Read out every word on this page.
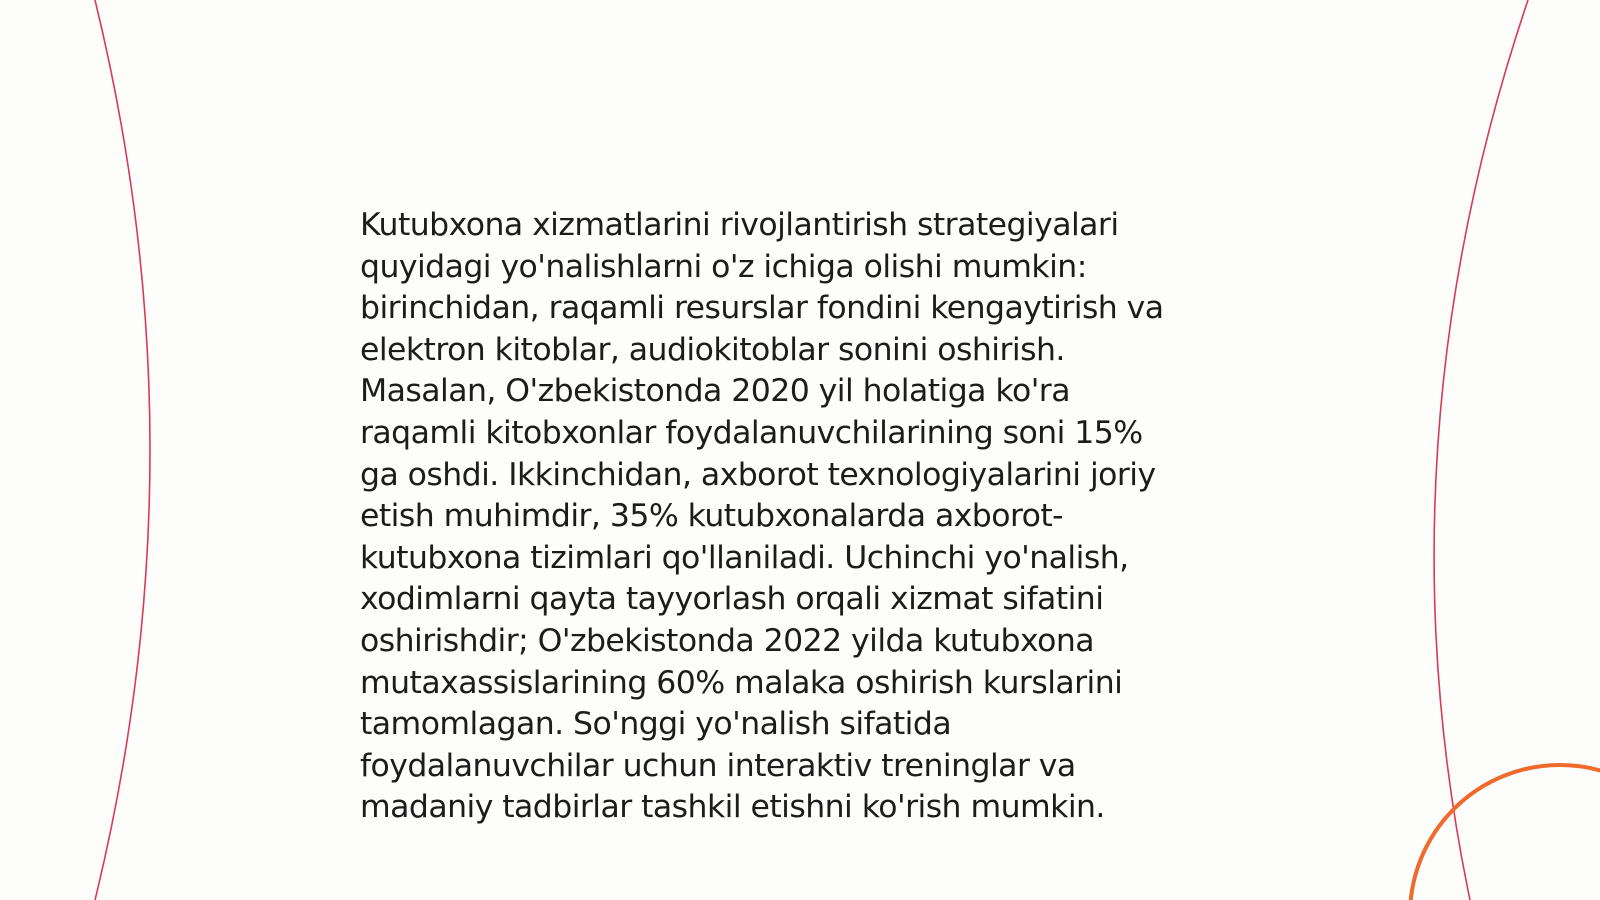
Kutubxona xizmatlarini rivojlantirish strategiyalari
quyidagi yo'nalishlarni o'z ichiga olishi mumkin:
birinchidan, raqamli resurslar fondini kengaytirish va
elektron kitoblar, audiokitoblar sonini oshirish.
Masalan, O'zbekistonda 2020 yil holatiga ko'ra
raqamli kitobxonlar foydalanuvchilarining soni 15%
ga oshdi. Ikkinchidan, axborot texnologiyalarini joriy
etish muhimdir, 35% kutubxonalarda axborot-
kutubxona tizimlari qo'llaniladi. Uchinchi yo'nalish,
xodimlarni qayta tayyorlash orqali xizmat sifatini
oshirishdir; O'zbekistonda 2022 yilda kutubxona
mutaxassislarining 60% malaka oshirish kurslarini
tamomlagan. So'nggi yo'nalish sifatida
foydalanuvchilar uchun interaktiv treninglar va
madaniy tadbirlar tashkil etishni ko'rish mumkin.
